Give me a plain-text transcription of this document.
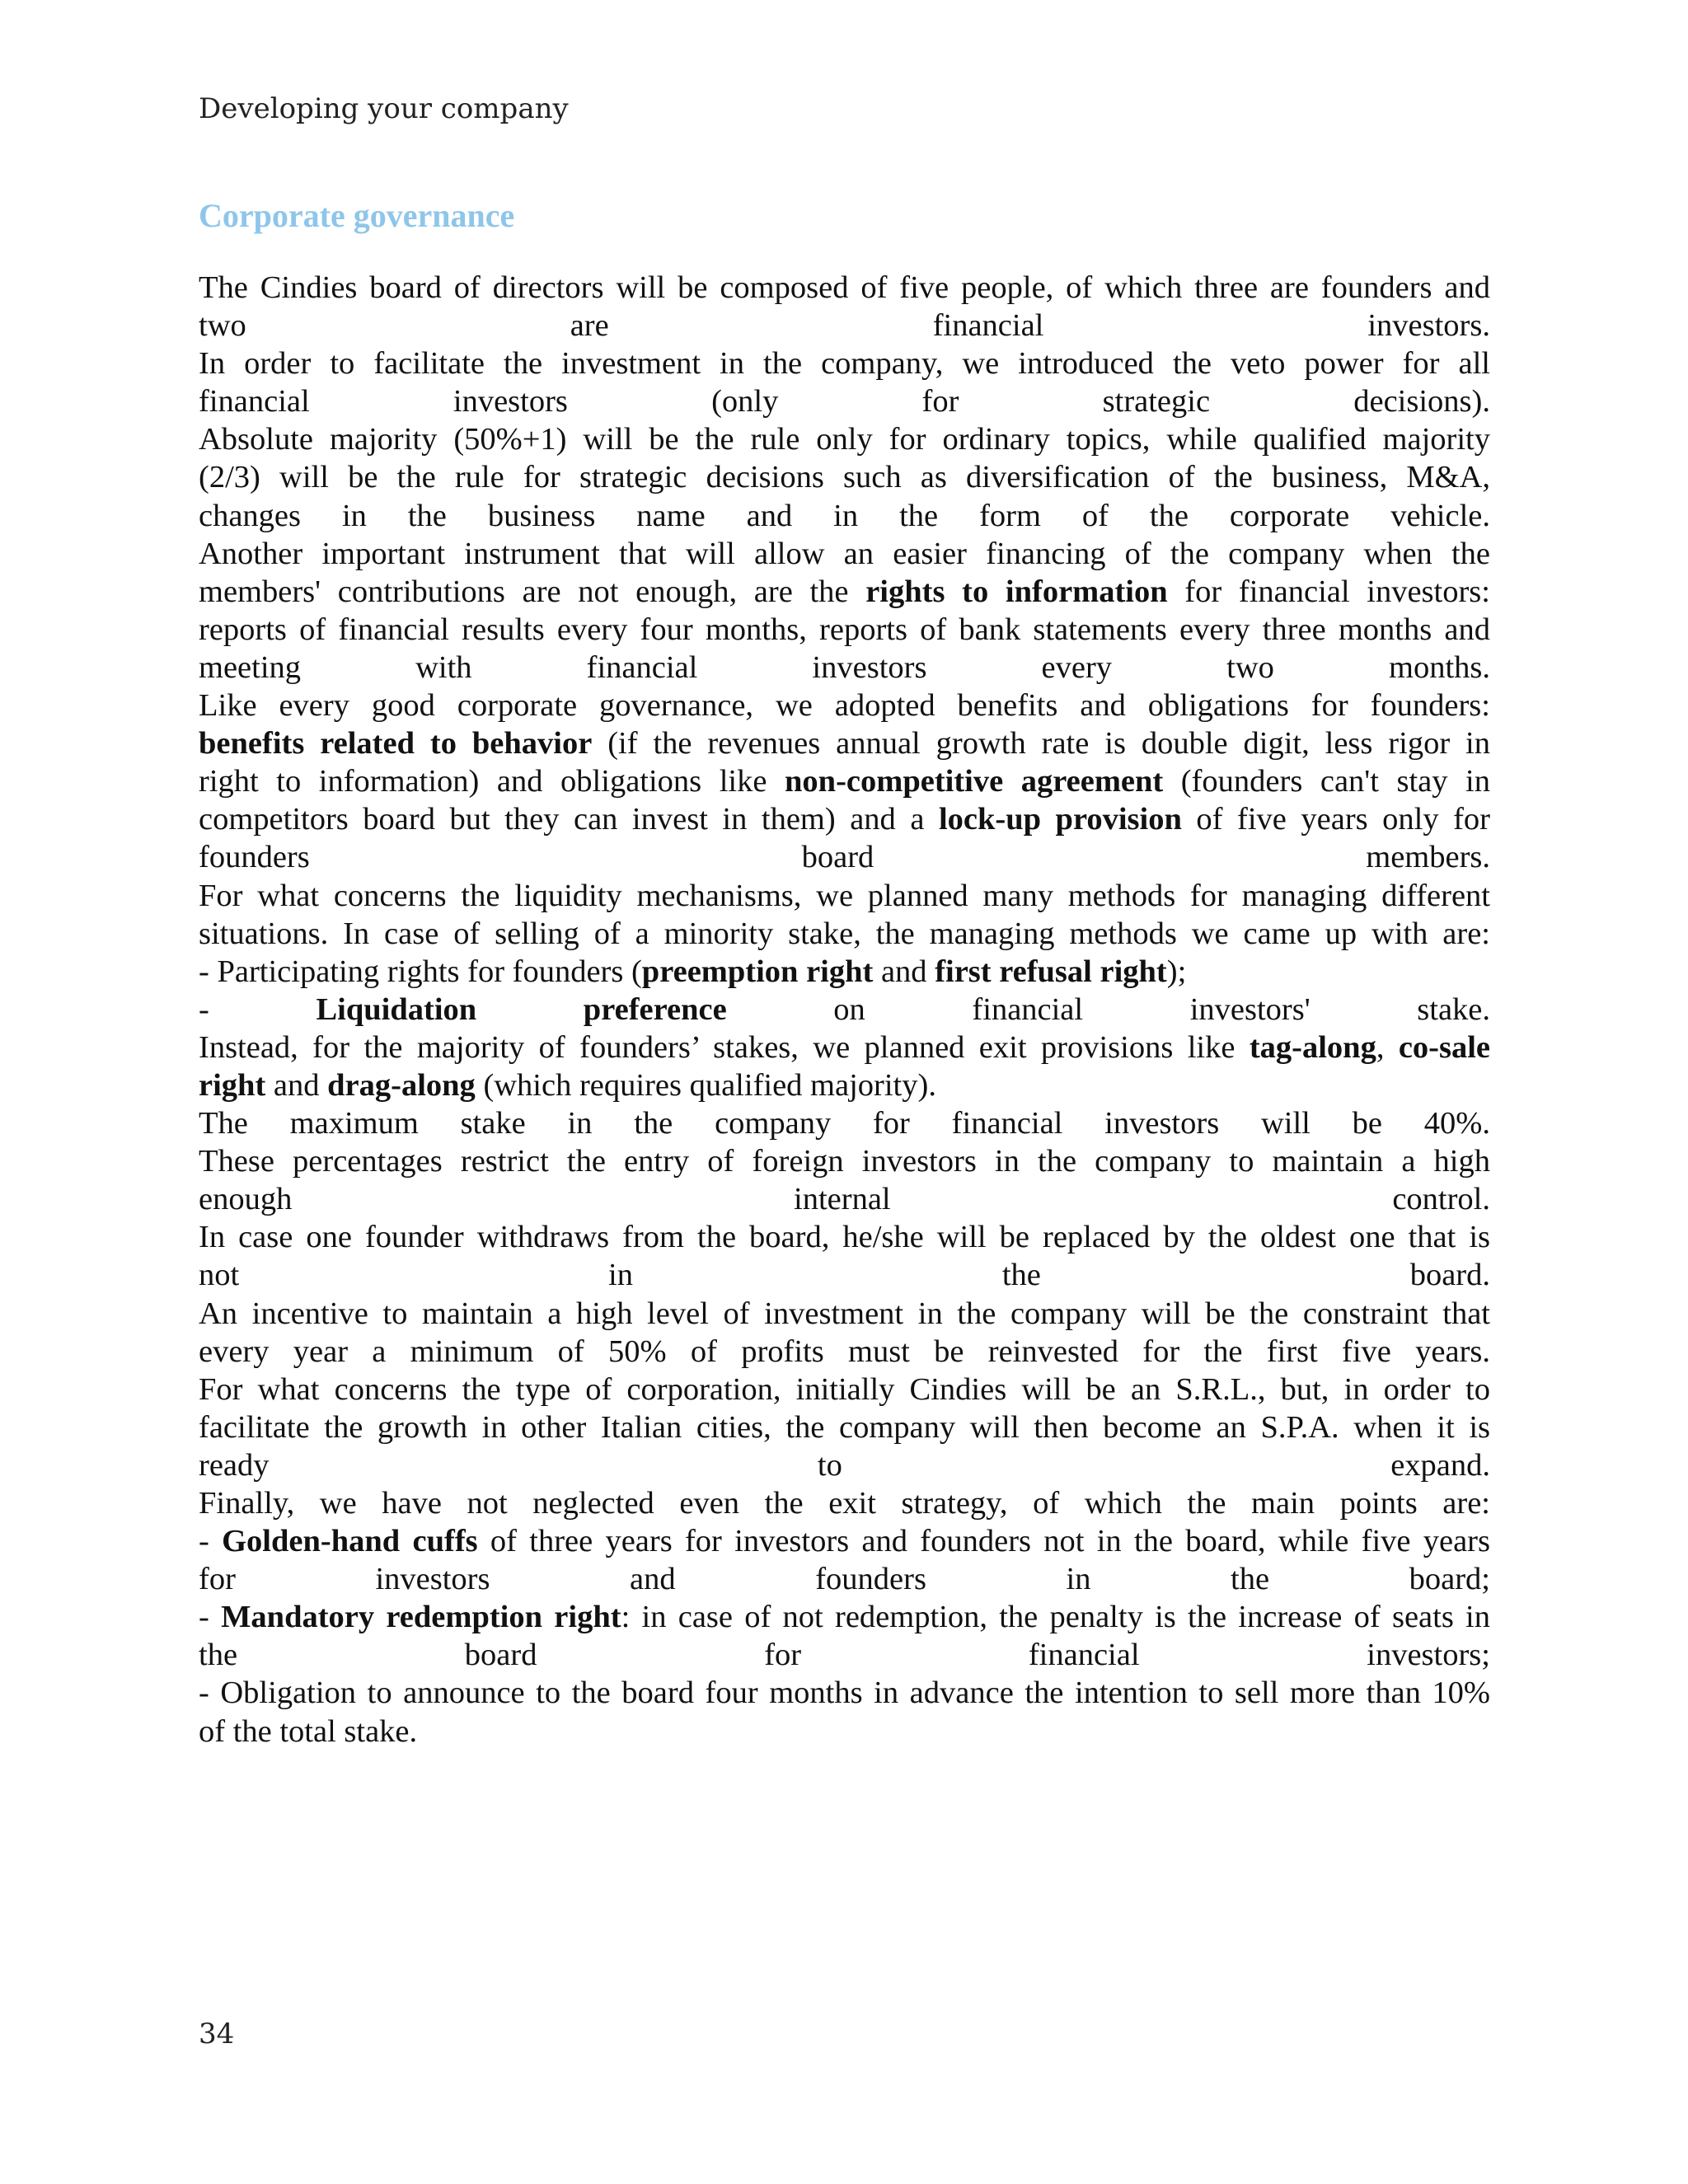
Developing your company

Corporate governance
The Cindies board of directors will be composed of five people, of which three are founders and
two are financial investors.
In order to facilitate the investment in the company, we introduced the veto power for all
financial investors (only for strategic decisions).
Absolute majority (50%+1) will be the rule only for ordinary topics, while qualified majority
(2/3) will be the rule for strategic decisions such as diversification of the business, M&A,
changes in the business name and in the form of the corporate vehicle.
Another important instrument that will allow an easier financing of the company when the
members' contributions are not enough, are the rights to information for financial investors:
reports of financial results every four months, reports of bank statements every three months and
meeting with financial investors every two months.
Like every good corporate governance, we adopted benefits and obligations for founders:
benefits related to behavior (if the revenues annual growth rate is double digit, less rigor in
right to information) and obligations like non-competitive agreement (founders can't stay in
competitors board but they can invest in them) and a lock-up provision of five years only for
founders board members.
For what concerns the liquidity mechanisms, we planned many methods for managing different
situations. In case of selling of a minority stake, the managing methods we came up with are:
- Participating rights for founders (preemption right and first refusal right);
- Liquidation preference on financial investors' stake.
Instead, for the majority of founders’ stakes, we planned exit provisions like tag-along, co-sale
right and drag-along (which requires qualified majority).
The maximum stake in the company for financial investors will be 40%.
These percentages restrict the entry of foreign investors in the company to maintain a high
enough internal control.
In case one founder withdraws from the board, he/she will be replaced by the oldest one that is
not in the board.
An incentive to maintain a high level of investment in the company will be the constraint that
every year a minimum of 50% of profits must be reinvested for the first five years.
For what concerns the type of corporation, initially Cindies will be an S.R.L., but, in order to
facilitate the growth in other Italian cities, the company will then become an S.P.A. when it is
ready to expand.
Finally, we have not neglected even the exit strategy, of which the main points are:
- Golden-hand cuffs of three years for investors and founders not in the board, while five years
for investors and founders in the board;
- Mandatory redemption right: in case of not redemption, the penalty is the increase of seats in
the board for financial investors;
- Obligation to announce to the board four months in advance the intention to sell more than 10%
of the total stake.

34
